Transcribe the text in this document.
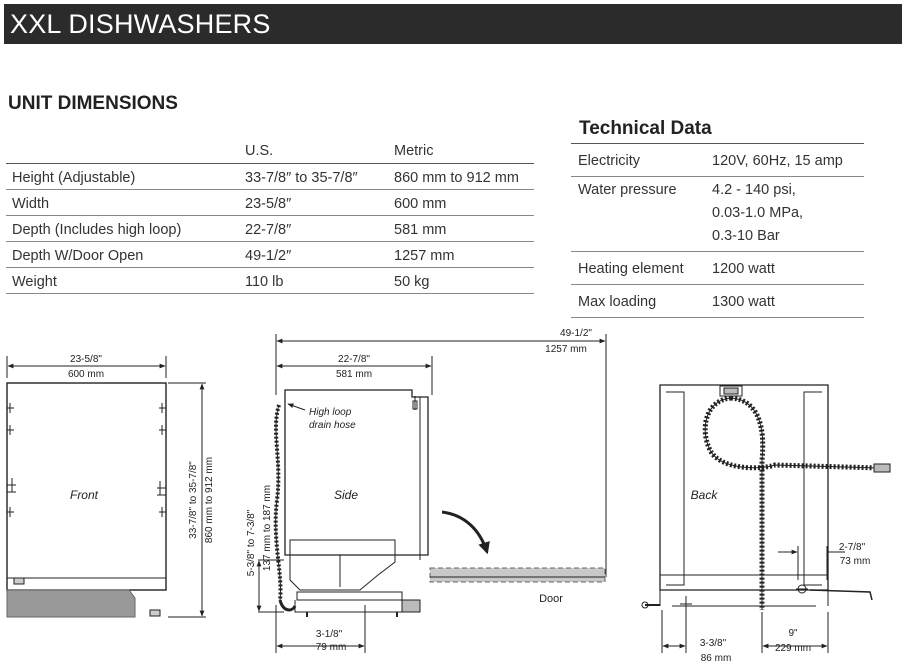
XXL DISHWASHERS
UNIT DIMENSIONS
	U.S.	Metric
Height (Adjustable)	33-7/8″ to 35-7/8″	860 mm to 912 mm
Width	23-5/8″	600 mm
Depth (Includes high loop)	22-7/8″	581 mm
Depth W/Door Open	49-1/2″	1257 mm
Weight	110 lb	50 kg
Technical Data
Electricity	120V, 60Hz, 15 amp

Water pressure	4.2 - 140 psi,
0.03-1.0 MPa,
0.3-10 Bar

Heating element	1200 watt

Max loading	1300 watt
23-5/8"
600 mm
Front	33-7/8" to 35-7/8" 860 mm to 912 mm
49-1/2"
1257 mm
22-7/8"
581 mm
High loop
drain hose
Side
5-3/8" to 7-3/8" 137 mm to 187 mm
3-1/8"
79 mm
Door
Back
2-7/8"
73 mm
3-3/8"
86 mm
9"
229 mm
